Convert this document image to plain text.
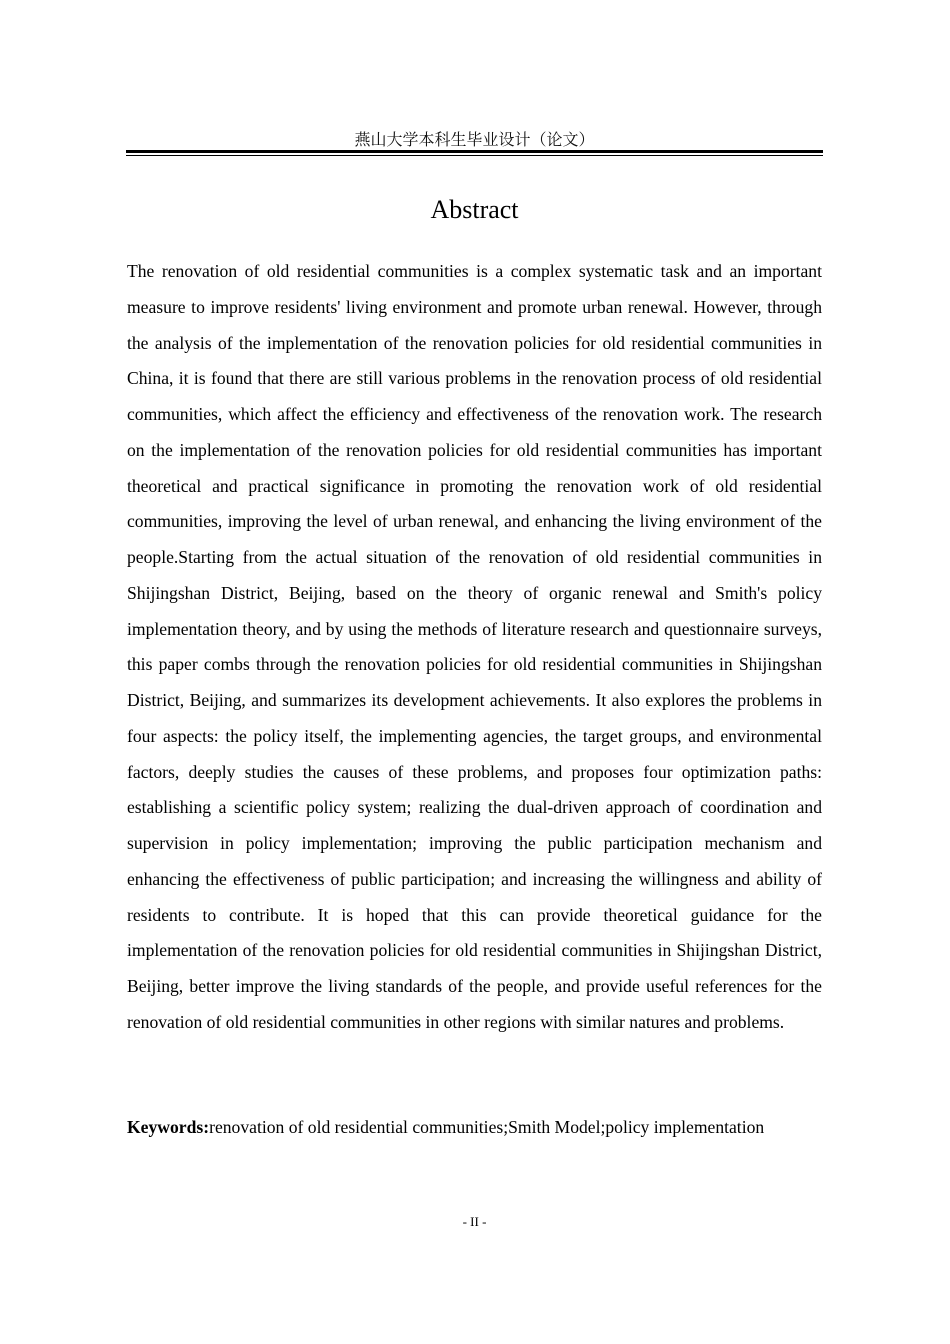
燕山大学本科生毕业设计（论文）
Abstract

The renovation of old residential communities is a complex systematic task and an important measure to improve residents' living environment and promote urban renewal. However, through the analysis of the implementation of the renovation policies for old residential communities in China, it is found that there are still various problems in the renovation process of old residential communities, which affect the efficiency and effectiveness of the renovation work. The research on the implementation of the renovation policies for old residential communities has important theoretical and practical significance in promoting the renovation work of old residential communities, improving the level of urban renewal, and enhancing the living environment of the people.Starting from the actual situation of the renovation of old residential communities in Shijingshan District, Beijing, based on the theory of organic renewal and Smith's policy implementation theory, and by using the methods of literature research and questionnaire surveys, this paper combs through the renovation policies for old residential communities in Shijingshan District, Beijing, and summarizes its development achievements. It also explores the problems in four aspects: the policy itself, the implementing agencies, the target groups, and environmental factors, deeply studies the causes of these problems, and proposes four optimization paths: establishing a scientific policy system; realizing the dual-driven approach of coordination and supervision in policy implementation; improving the public participation mechanism and enhancing the effectiveness of public participation; and increasing the willingness and ability of residents to contribute. It is hoped that this can provide theoretical guidance for the implementation of the renovation policies for old residential communities in Shijingshan District, Beijing, better improve the living standards of the people, and provide useful references for the renovation of old residential communities in other regions with similar natures and problems.

Keywords:renovation of old residential communities;Smith Model;policy implementation

- II -
